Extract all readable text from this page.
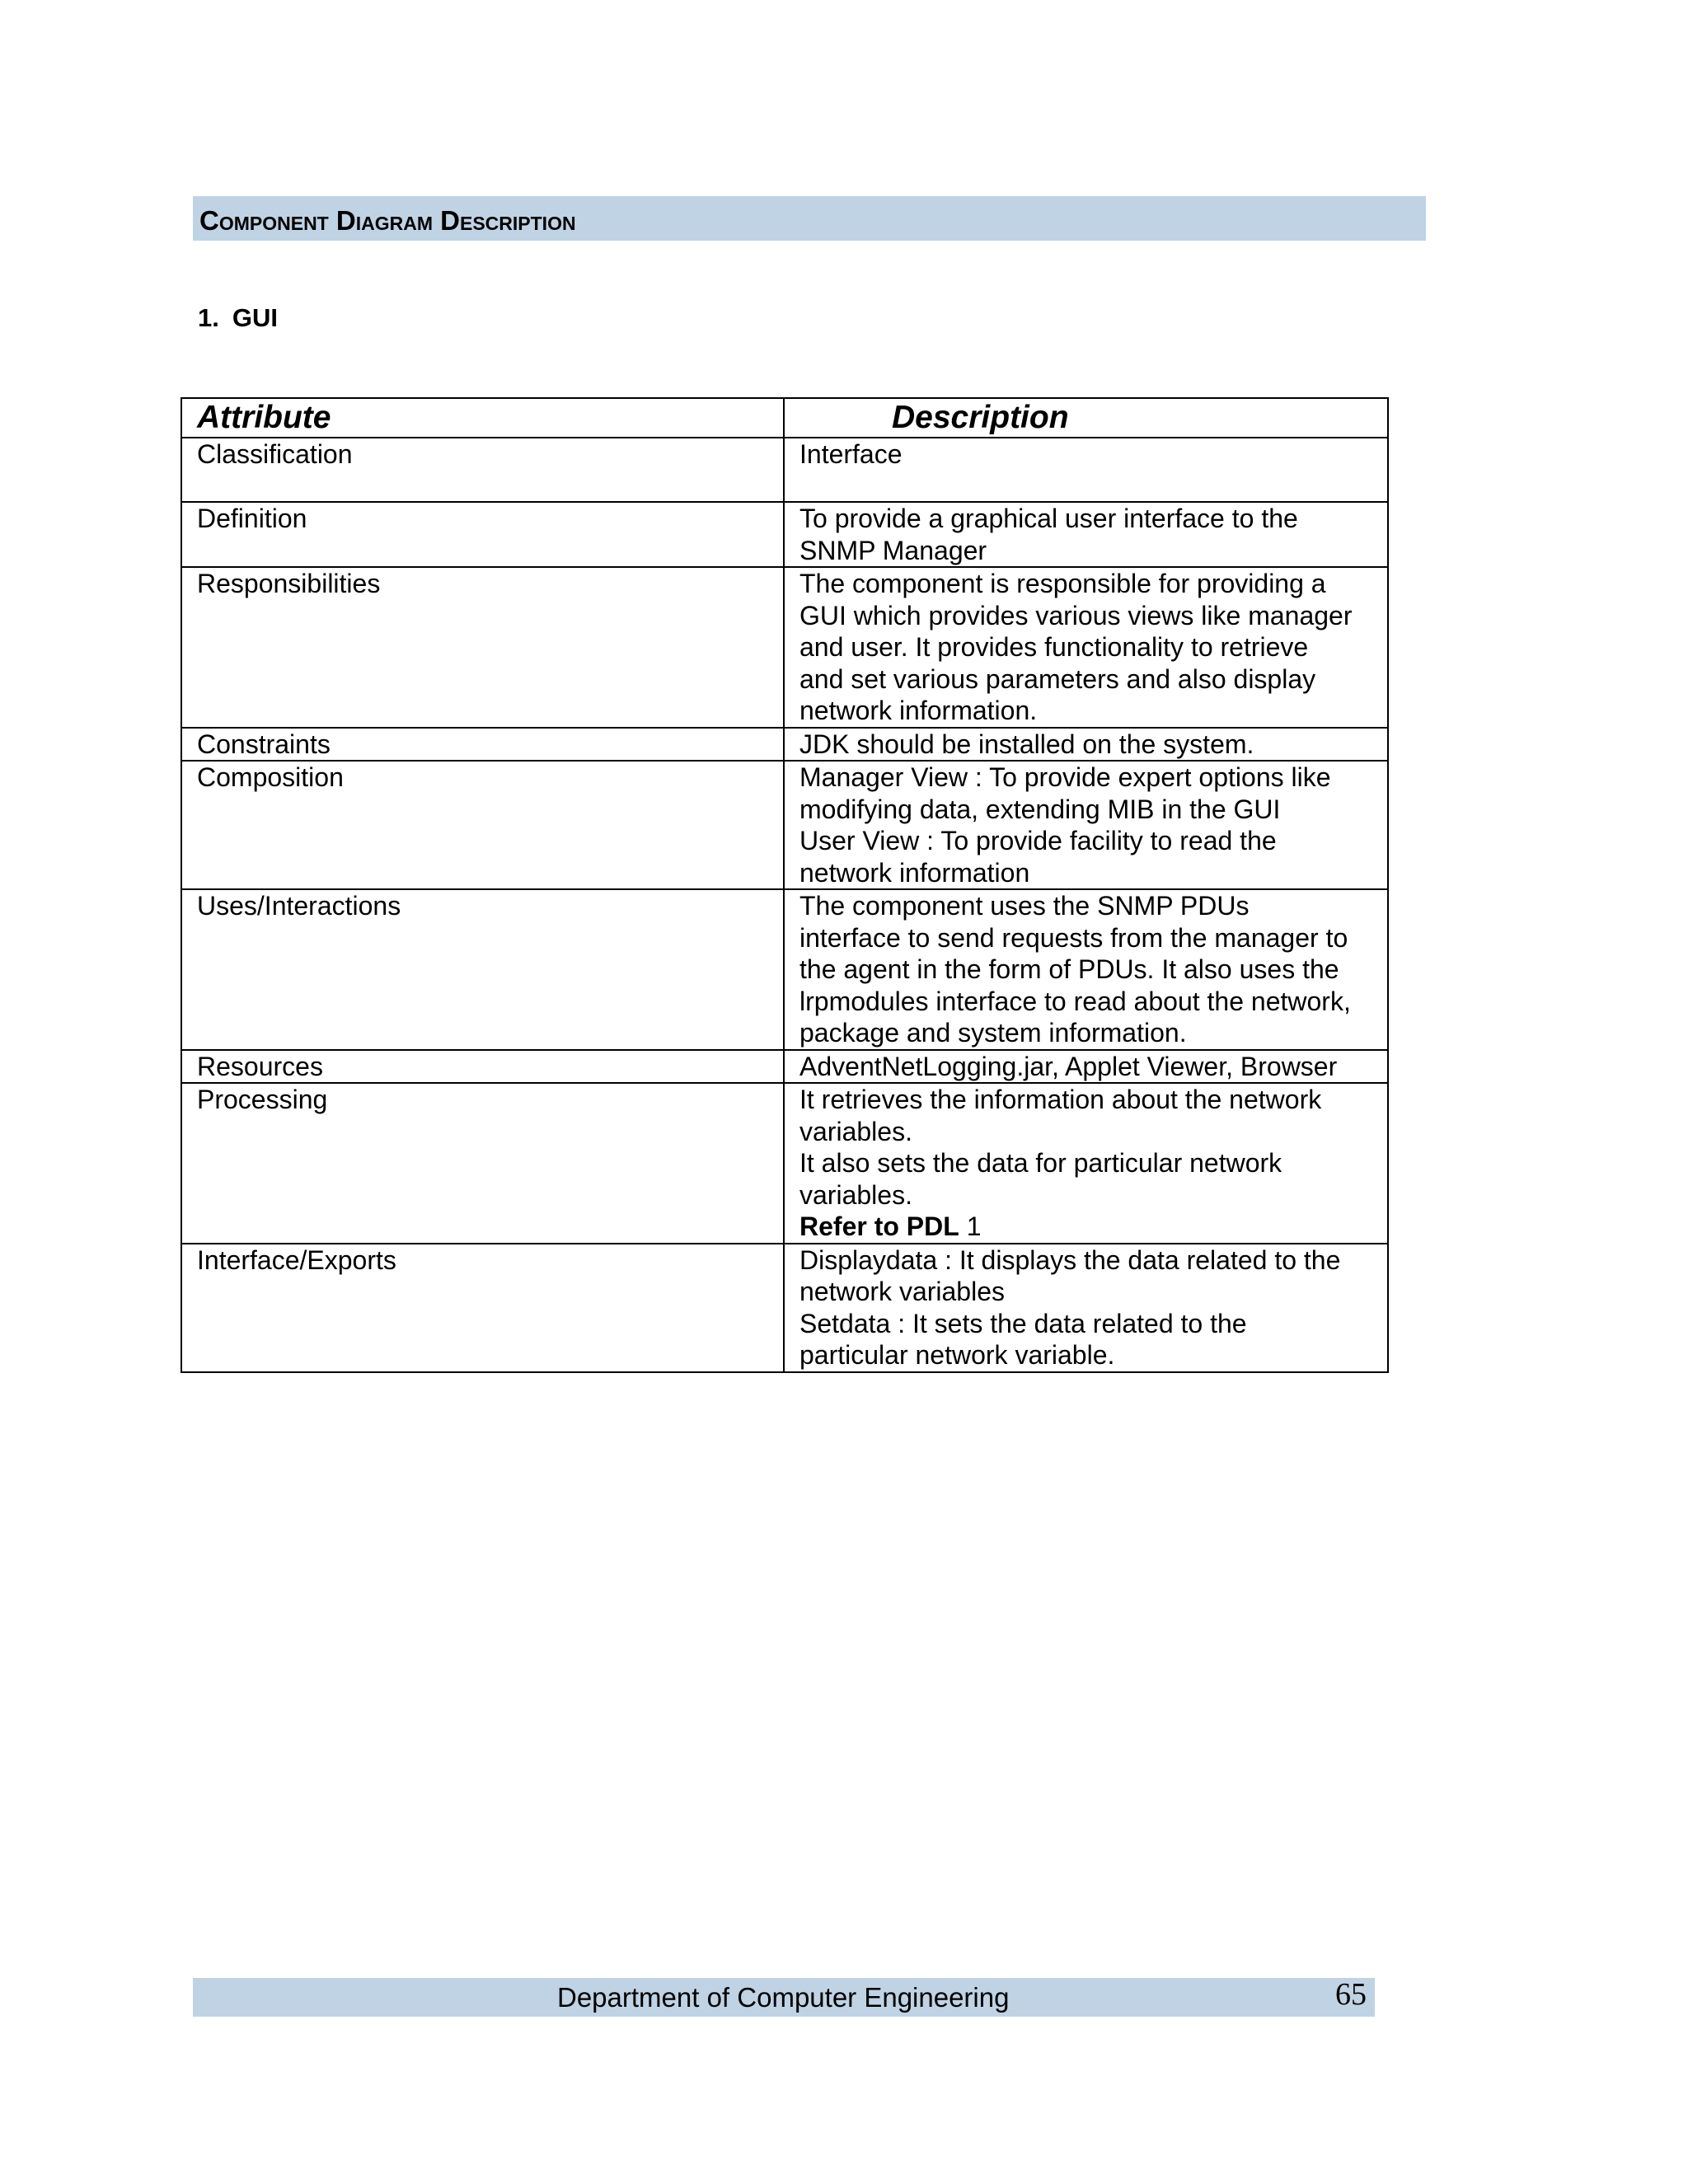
Component Diagram Description
1. GUI
Attribute	Description
Classification	Interface

Definition	To provide a graphical user interface to the
SNMP Manager

Responsibilities	The component is responsible for providing a
GUI which provides various views like manager
and user. It provides functionality to retrieve
and set various parameters and also display
network information.

Constraints	JDK should be installed on the system.

Composition	Manager View : To provide expert options like
modifying data, extending MIB in the GUI
User View : To provide facility to read the
network information

Uses/Interactions	The component uses the SNMP PDUs
interface to send requests from the manager to
the agent in the form of PDUs. It also uses the
lrpmodules interface to read about the network,
package and system information.

Resources	AdventNetLogging.jar, Applet Viewer, Browser

Processing	It retrieves the information about the network
variables.
It also sets the data for particular network
variables.
Refer to PDL 1

Interface/Exports	Displaydata : It displays the data related to the
network variables
Setdata : It sets the data related to the
particular network variable.
Department of Computer Engineering	65
